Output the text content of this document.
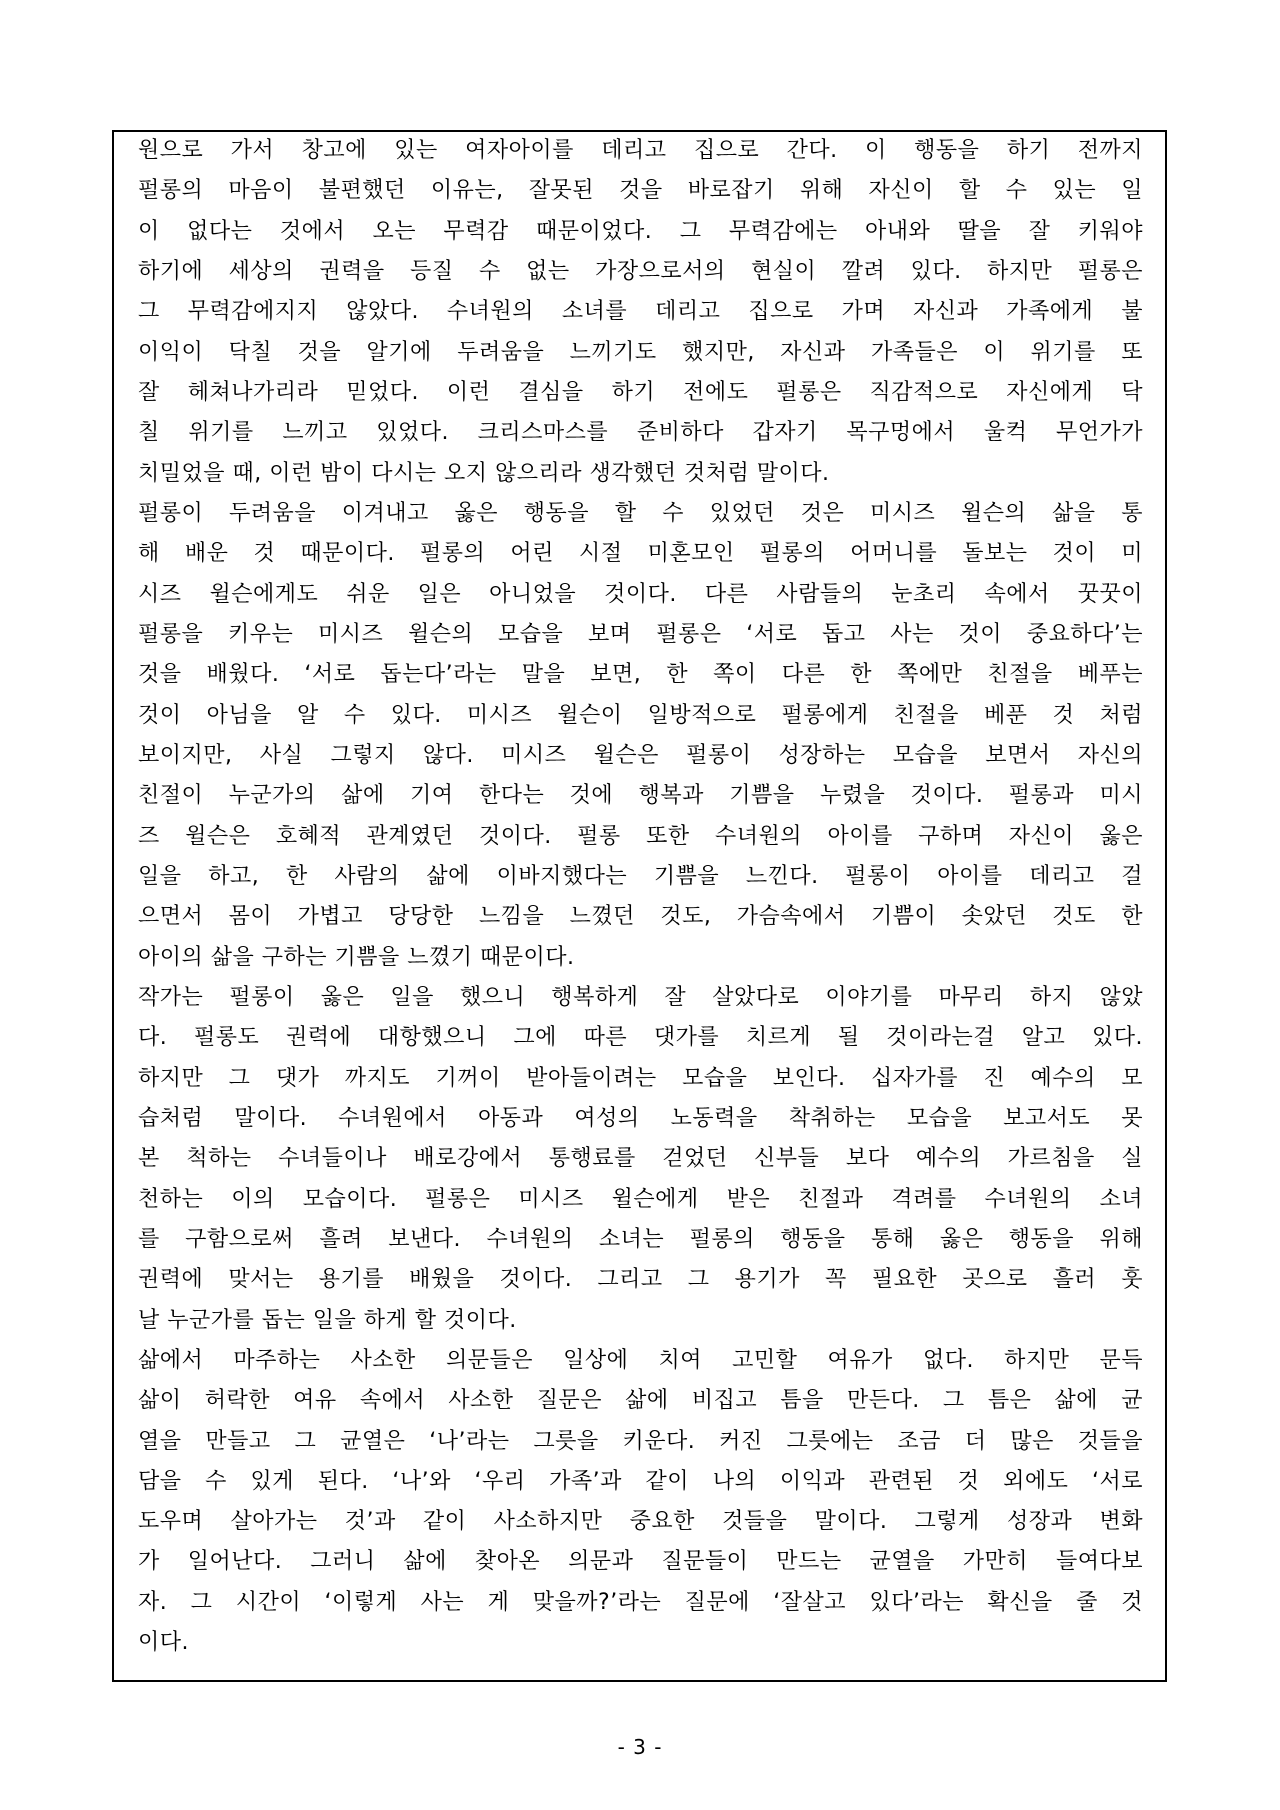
원으로 가서 창고에 있는 여자아이를 데리고 집으로 간다. 이 행동을 하기 전까지
펄롱의 마음이 불편했던 이유는, 잘못된 것을 바로잡기 위해 자신이 할 수 있는 일
이 없다는 것에서 오는 무력감 때문이었다. 그 무력감에는 아내와 딸을 잘 키워야
하기에 세상의 권력을 등질 수 없는 가장으로서의 현실이 깔려 있다. 하지만 펄롱은
그 무력감에지지 않았다. 수녀원의 소녀를 데리고 집으로 가며 자신과 가족에게 불
이익이 닥칠 것을 알기에 두려움을 느끼기도 했지만, 자신과 가족들은 이 위기를 또
잘 헤쳐나가리라 믿었다. 이런 결심을 하기 전에도 펄롱은 직감적으로 자신에게 닥
칠 위기를 느끼고 있었다. 크리스마스를 준비하다 갑자기 목구멍에서 울컥 무언가가
치밀었을 때, 이런 밤이 다시는 오지 않으리라 생각했던 것처럼 말이다.
펄롱이 두려움을 이겨내고 옳은 행동을 할 수 있었던 것은 미시즈 윌슨의 삶을 통
해 배운 것 때문이다. 펄롱의 어린 시절 미혼모인 펄롱의 어머니를 돌보는 것이 미
시즈 윌슨에게도 쉬운 일은 아니었을 것이다. 다른 사람들의 눈초리 속에서 꿋꿋이
펄롱을 키우는 미시즈 윌슨의 모습을 보며 펄롱은 ‘서로 돕고 사는 것이 중요하다’는
것을 배웠다. ‘서로 돕는다’라는 말을 보면, 한 쪽이 다른 한 쪽에만 친절을 베푸는
것이 아님을 알 수 있다. 미시즈 윌슨이 일방적으로 펄롱에게 친절을 베푼 것 처럼
보이지만, 사실 그렇지 않다. 미시즈 윌슨은 펄롱이 성장하는 모습을 보면서 자신의
친절이 누군가의 삶에 기여 한다는 것에 행복과 기쁨을 누렸을 것이다. 펄롱과 미시
즈 윌슨은 호혜적 관계였던 것이다. 펄롱 또한 수녀원의 아이를 구하며 자신이 옳은
일을 하고, 한 사람의 삶에 이바지했다는 기쁨을 느낀다. 펄롱이 아이를 데리고 걸
으면서 몸이 가볍고 당당한 느낌을 느꼈던 것도, 가슴속에서 기쁨이 솟았던 것도 한
아이의 삶을 구하는 기쁨을 느꼈기 때문이다.
작가는 펄롱이 옳은 일을 했으니 행복하게 잘 살았다로 이야기를 마무리 하지 않았
다. 펄롱도 권력에 대항했으니 그에 따른 댓가를 치르게 될 것이라는걸 알고 있다.
하지만 그 댓가 까지도 기꺼이 받아들이려는 모습을 보인다. 십자가를 진 예수의 모
습처럼 말이다. 수녀원에서 아동과 여성의 노동력을 착취하는 모습을 보고서도 못
본 척하는 수녀들이나 배로강에서 통행료를 걷었던 신부들 보다 예수의 가르침을 실
천하는 이의 모습이다. 펄롱은 미시즈 윌슨에게 받은 친절과 격려를 수녀원의 소녀
를 구함으로써 흘려 보낸다. 수녀원의 소녀는 펄롱의 행동을 통해 옳은 행동을 위해
권력에 맞서는 용기를 배웠을 것이다. 그리고 그 용기가 꼭 필요한 곳으로 흘러 훗
날 누군가를 돕는 일을 하게 할 것이다.
삶에서 마주하는 사소한 의문들은 일상에 치여 고민할 여유가 없다. 하지만 문득
삶이 허락한 여유 속에서 사소한 질문은 삶에 비집고 틈을 만든다. 그 틈은 삶에 균
열을 만들고 그 균열은 ‘나’라는 그릇을 키운다. 커진 그릇에는 조금 더 많은 것들을
담을 수 있게 된다. ‘나’와 ‘우리 가족’과 같이 나의 이익과 관련된 것 외에도 ‘서로
도우며 살아가는 것’과 같이 사소하지만 중요한 것들을 말이다. 그렇게 성장과 변화
가 일어난다. 그러니 삶에 찾아온 의문과 질문들이 만드는 균열을 가만히 들여다보
자. 그 시간이 ‘이렇게 사는 게 맞을까?’라는 질문에 ‘잘살고 있다’라는 확신을 줄 것
이다.
- 3 -
